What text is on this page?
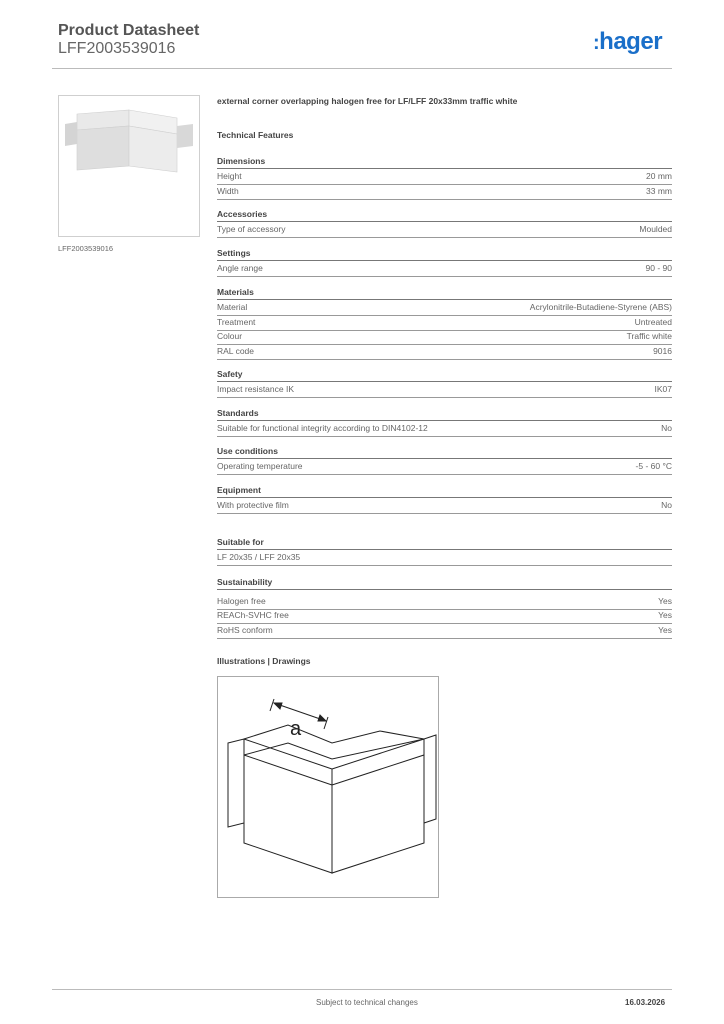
Product Datasheet
LFF2003539016	:hager
LFF2003539016
external corner overlapping halogen free for LF/LFF 20x33mm traffic white
Technical Features
Dimensions
Height	20 mm
Width	33 mm
Accessories
Type of accessory	Moulded
Settings
Angle range	90 - 90
Materials
Material	Acrylonitrile-Butadiene-Styrene (ABS)
Treatment	Untreated
Colour	Traffic white
RAL code	9016
Safety
Impact resistance IK	IK07
Standards
Suitable for functional integrity according to DIN4102-12	No
Use conditions
Operating temperature	-5 - 60 °C
Equipment
With protective film	No
Suitable for
LF 20x35 / LFF 20x35
Sustainability
Halogen free	Yes
REACh-SVHC free	Yes
RoHS conform	Yes
Illustrations | Drawings
a
Subject to technical changes	16.03.2026
